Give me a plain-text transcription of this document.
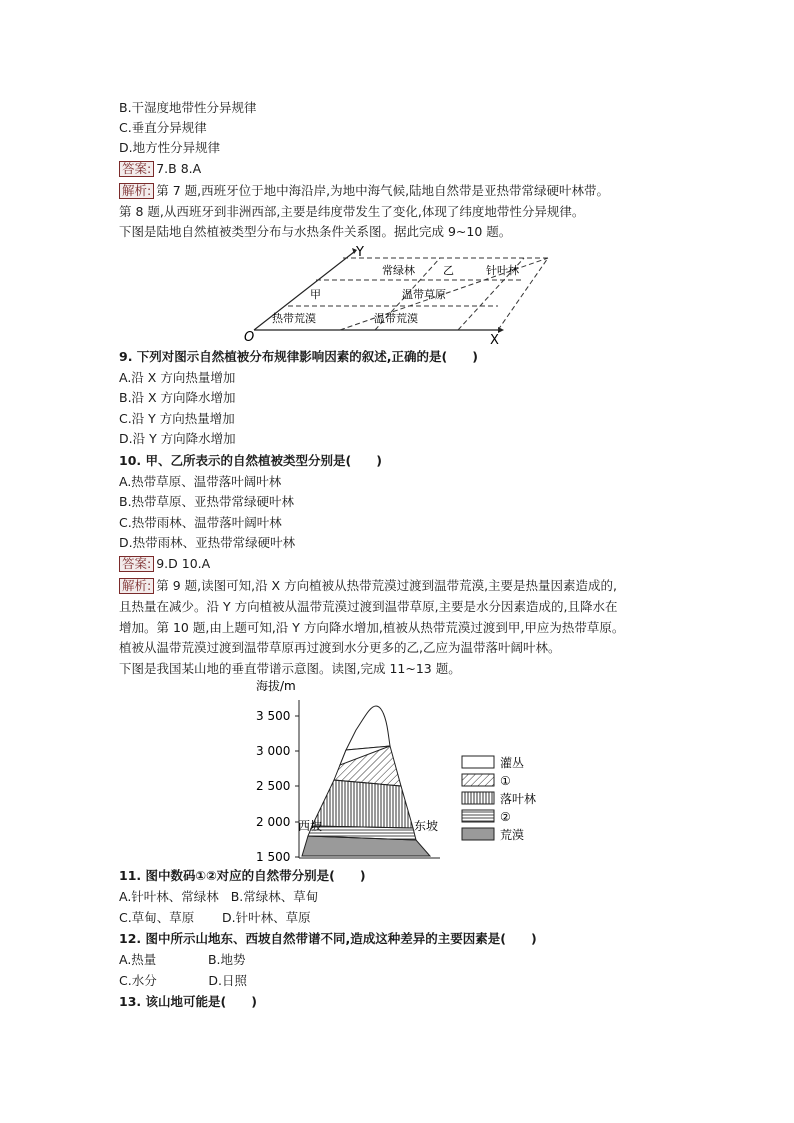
B.干湿度地带性分异规律
C.垂直分异规律
D.地方性分异规律
答案: 7.B 8.A
解析: 第 7 题,西班牙位于地中海沿岸,为地中海气候,陆地自然带是亚热带常绿硬叶林带。
第 8 题,从西班牙到非洲西部,主要是纬度带发生了变化,体现了纬度地带性分异规律。
下图是陆地自然植被类型分布与水热条件关系图。据此完成 9~10 题。
O	X
Y
常绿林	乙	针叶林
甲	温带草原
热带荒漠	温带荒漠
9. 下列对图示自然植被分布规律影响因素的叙述,正确的是(　　)
A.沿 X 方向热量增加
B.沿 X 方向降水增加
C.沿 Y 方向热量增加
D.沿 Y 方向降水增加
10. 甲、乙所表示的自然植被类型分别是(　　)
A.热带草原、温带落叶阔叶林
B.热带草原、亚热带常绿硬叶林
C.热带雨林、温带落叶阔叶林
D.热带雨林、亚热带常绿硬叶林
答案: 9.D 10.A
解析: 第 9 题,读图可知,沿 X 方向植被从热带荒漠过渡到温带荒漠,主要是热量因素造成的,
且热量在减少。沿 Y 方向植被从温带荒漠过渡到温带草原,主要是水分因素造成的,且降水在
增加。第 10 题,由上题可知,沿 Y 方向降水增加,植被从热带荒漠过渡到甲,甲应为热带草原。
植被从温带荒漠过渡到温带草原再过渡到水分更多的乙,乙应为温带落叶阔叶林。
下图是我国某山地的垂直带谱示意图。读图,完成 11~13 题。
海拔/m
3 500
3 000
2 500
2 000
1 500
西坡	东坡
灌丛
①
落叶林
②
荒漠
11. 图中数码①②对应的自然带分别是(　　)
A.针叶林、常绿林   B.常绿林、草甸
C.草甸、草原       D.针叶林、草原
12. 图中所示山地东、西坡自然带谱不同,造成这种差异的主要因素是(　　)
A.热量             B.地势
C.水分             D.日照
13. 该山地可能是(　　)
